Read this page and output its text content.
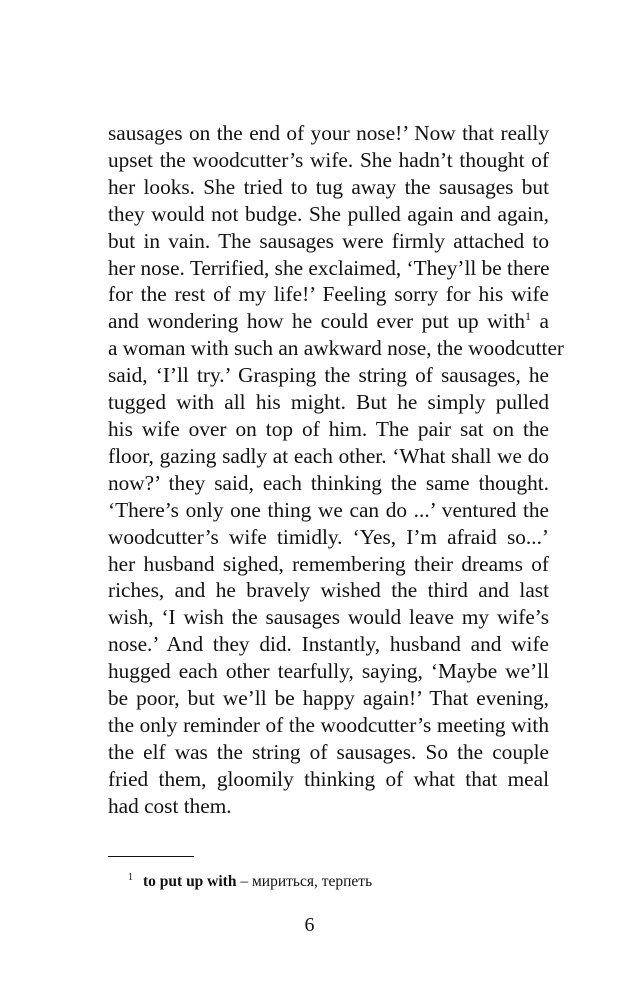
sausages on the end of your nose!’ Now that really
upset the woodcutter’s wife. She hadn’t thought of
her looks. She tried to tug away the sausages but
they would not budge. She pulled again and again,
but in vain. The sausages were firmly attached to
her nose. Terrified, she exclaimed, ‘They’ll be there
for the rest of my life!’ Feeling sorry for his wife
and wondering how he could ever put up with$^1$ a
a woman with such an awkward nose, the woodcutter
said, ‘I’ll try.’ Grasping the string of sausages, he
tugged with all his might. But he simply pulled
his wife over on top of him. The pair sat on the
floor, gazing sadly at each other. ‘What shall we do
now?’ they said, each thinking the same thought.
‘There’s only one thing we can do ...’ ventured the
woodcutter’s wife timidly. ‘Yes, I’m afraid so...’
her husband sighed, remembering their dreams of
riches, and he bravely wished the third and last
wish, ‘I wish the sausages would leave my wife’s
nose.’ And they did. Instantly, husband and wife
hugged each other tearfully, saying, ‘Maybe we’ll
be poor, but we’ll be happy again!’ That evening,
the only reminder of the woodcutter’s meeting with
the elf was the string of sausages. So the couple
fried them, gloomily thinking of what that meal
had cost them.
$^1$ to put up with – мириться, терпеть
6
